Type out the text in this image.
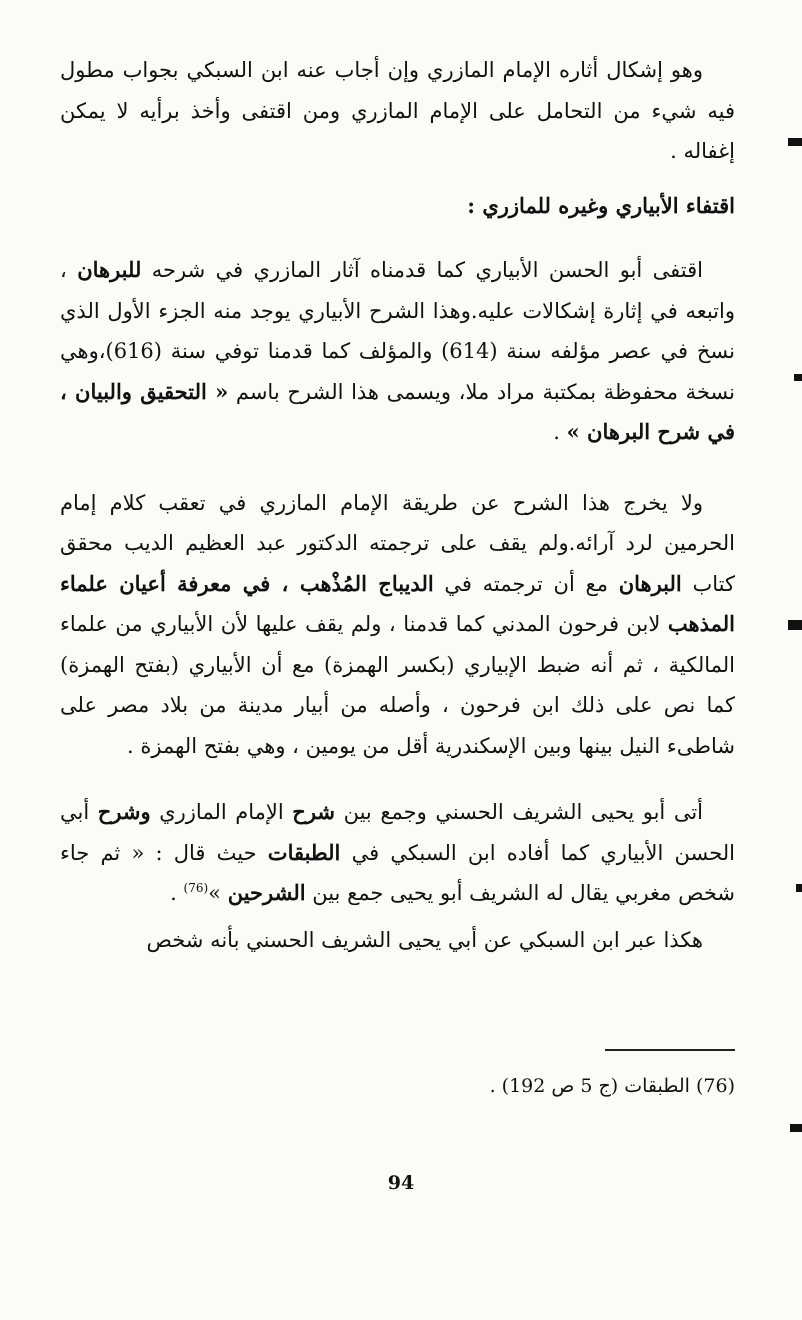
وهو إشكال أثاره الإمام المازري وإن أجاب عنه ابن السبكي بجواب مطول فيه شيء من التحامل على الإمام المازري ومن اقتفى وأخذ برأيه لا يمكن إغفاله .

اقتفاء الأبياري وغيره للمازري :

اقتفى أبو الحسن الأبياري كما قدمناه آثار المازري في شرحه للبرهان ، واتبعه في إثارة إشكالات عليه.وهذا الشرح الأبياري يوجد منه الجزء الأول الذي نسخ في عصر مؤلفه سنة (614) والمؤلف كما قدمنا توفي سنة (616)،وهي نسخة محفوظة بمكتبة مراد ملا، ويسمى هذا الشرح باسم « التحقيق والبيان ، في شرح البرهان » .

ولا يخرج هذا الشرح عن طريقة الإمام المازري في تعقب كلام إمام الحرمين لرد آرائه.ولم يقف على ترجمته الدكتور عبد العظيم الديب محقق كتاب البرهان مع أن ترجمته في الديباج المُذْهب ، في معرفة أعيان علماء المذهب لابن فرحون المدني كما قدمنا ، ولم يقف عليها لأن الأبياري من علماء المالكية ، ثم أنه ضبط الإبياري (بكسر الهمزة) مع أن الأبياري (بفتح الهمزة) كما نص على ذلك ابن فرحون ، وأصله من أبيار مدينة من بلاد مصر على شاطىء النيل بينها وبين الإسكندرية أقل من يومين ، وهي بفتح الهمزة .

أتى أبو يحيى الشريف الحسني وجمع بين شرح الإمام المازري وشرح أبي الحسن الأبياري كما أفاده ابن السبكي في الطبقات حيث قال : « ثم جاء شخص مغربي يقال له الشريف أبو يحيى جمع بين الشرحين »$^{(76)}$ .

هكذا عبر ابن السبكي عن أبي يحيى الشريف الحسني بأنه شخص

(76) الطبقات (ج 5 ص 192) .
94
